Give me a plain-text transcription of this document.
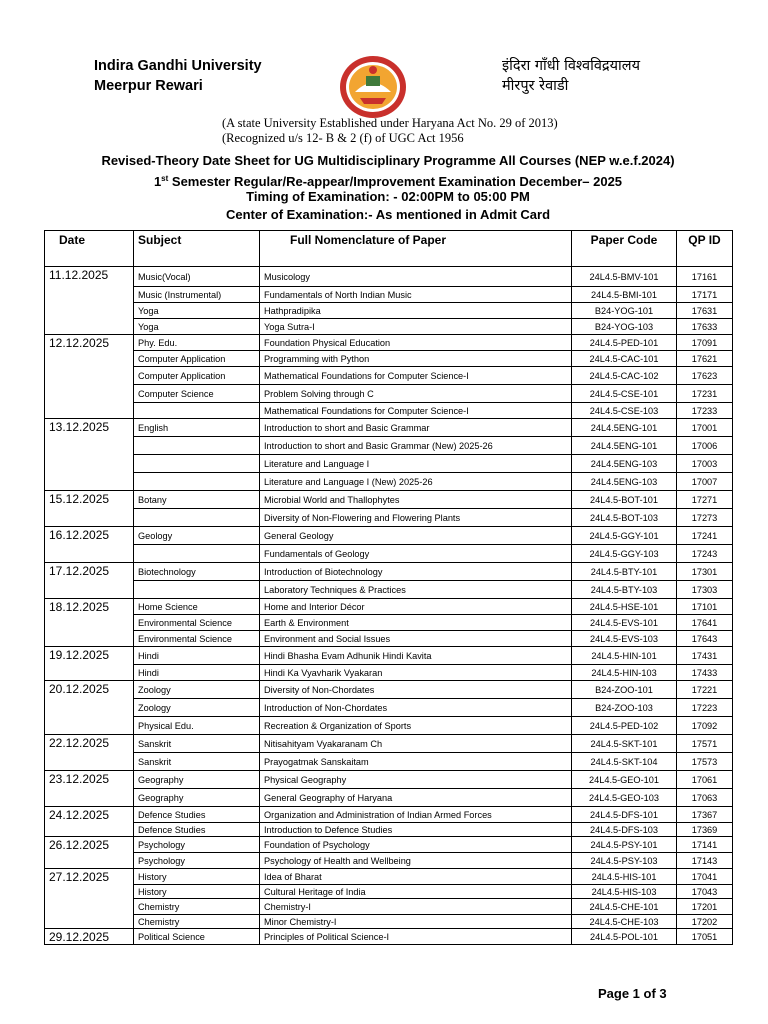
Indira Gandhi University
Meerpur Rewari
इंदिरा गाँधी विश्वविद्रयालय
मीरपुर रेवाडी
(A state University Established under Haryana Act No. 29 of 2013)
(Recognized u/s 12- B & 2 (f) of UGC Act 1956
Revised-Theory Date Sheet for UG Multidisciplinary Programme All Courses (NEP w.e.f.2024)
1st Semester Regular/Re-appear/Improvement Examination December– 2025
Timing of Examination: - 02:00PM to 05:00 PM
Center of Examination:- As mentioned in Admit Card
Date	Subject	Full Nomenclature of Paper	Paper Code	QP ID
11.12.2025	Music(Vocal)	Musicology	24L4.5-BMV-101	17161
	Music (Instrumental)	Fundamentals of North Indian Music	24L4.5-BMI-101	17171
	Yoga	Hathpradipika	B24-YOG-101	17631
	Yoga	Yoga Sutra-I	B24-YOG-103	17633
12.12.2025	Phy. Edu.	Foundation Physical Education	24L4.5-PED-101	17091
	Computer Application	Programming with Python	24L4.5-CAC-101	17621
	Computer Application	Mathematical Foundations for Computer Science-I	24L4.5-CAC-102	17623
	Computer Science	Problem Solving through C	24L4.5-CSE-101	17231
		Mathematical Foundations for Computer Science-I	24L4.5-CSE-103	17233
13.12.2025	English	Introduction to short and Basic Grammar	24L4.5ENG-101	17001
		Introduction to short and Basic Grammar (New) 2025-26	24L4.5ENG-101	17006
		Literature and Language I	24L4.5ENG-103	17003
		Literature and Language I (New) 2025-26	24L4.5ENG-103	17007
15.12.2025	Botany	Microbial World and Thallophytes	24L4.5-BOT-101	17271
		Diversity of Non-Flowering and Flowering Plants	24L4.5-BOT-103	17273
16.12.2025	Geology	General Geology	24L4.5-GGY-101	17241
		Fundamentals of Geology	24L4.5-GGY-103	17243
17.12.2025	Biotechnology	Introduction of Biotechnology	24L4.5-BTY-101	17301
		Laboratory Techniques & Practices	24L4.5-BTY-103	17303
18.12.2025	Home Science	Home and Interior Décor	24L4.5-HSE-101	17101
	Environmental Science	Earth & Environment	24L4.5-EVS-101	17641
	Environmental Science	Environment and Social Issues	24L4.5-EVS-103	17643
19.12.2025	Hindi	Hindi Bhasha Evam Adhunik Hindi Kavita	24L4.5-HIN-101	17431
	Hindi	Hindi Ka Vyavharik Vyakaran	24L4.5-HIN-103	17433
20.12.2025	Zoology	Diversity of Non-Chordates	B24-ZOO-101	17221
	Zoology	Introduction of Non-Chordates	B24-ZOO-103	17223
	Physical Edu.	Recreation & Organization of Sports	24L4.5-PED-102	17092
22.12.2025	Sanskrit	Nitisahityam Vyakaranam Ch	24L4.5-SKT-101	17571
	Sanskrit	Prayogatmak Sanskaitam	24L4.5-SKT-104	17573
23.12.2025	Geography	Physical Geography	24L4.5-GEO-101	17061
	Geography	General Geography of Haryana	24L4.5-GEO-103	17063
24.12.2025	Defence Studies	Organization and Administration of Indian Armed Forces	24L4.5-DFS-101	17367
	Defence Studies	Introduction to Defence Studies	24L4.5-DFS-103	17369
26.12.2025	Psychology	Foundation of Psychology	24L4.5-PSY-101	17141
	Psychology	Psychology of Health and Wellbeing	24L4.5-PSY-103	17143
27.12.2025	History	Idea of Bharat	24L4.5-HIS-101	17041
	History	Cultural Heritage of India	24L4.5-HIS-103	17043
	Chemistry	Chemistry-I	24L4.5-CHE-101	17201
	Chemistry	Minor Chemistry-I	24L4.5-CHE-103	17202
29.12.2025	Political Science	Principles of Political Science-I	24L4.5-POL-101	17051
Page 1 of 3
